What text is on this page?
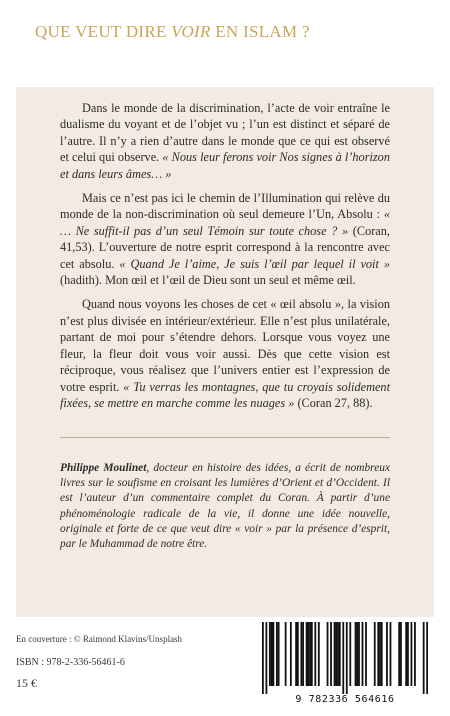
QUE VEUT DIRE VOIR EN ISLAM ?

Dans le monde de la discrimination, l’acte de voir entraîne le dualisme du voyant et de l’objet vu ; l’un est distinct et séparé de l’autre. Il n’y a rien d’autre dans le monde que ce qui est observé et celui qui observe. « Nous leur ferons voir Nos signes à l’horizon et dans leurs âmes… »

Mais ce n’est pas ici le chemin de l’Illumination qui relève du monde de la non-discrimination où seul demeure l’Un, Absolu : « … Ne suffit-il pas d’un seul Témoin sur toute chose ? » (Coran, 41,53). L’ouverture de notre esprit correspond à la rencontre avec cet absolu. « Quand Je l’aime, Je suis l’œil par lequel il voit » (hadith). Mon œil et l’œil de Dieu sont un seul et même œil.

Quand nous voyons les choses de cet « œil absolu », la vision n’est plus divisée en intérieur/extérieur. Elle n’est plus unilatérale, partant de moi pour s’étendre dehors. Lorsque vous voyez une fleur, la fleur doit vous voir aussi. Dès que cette vision est réciproque, vous réalisez que l’univers entier est l’expression de votre esprit. « Tu verras les montagnes, que tu croyais solidement fixées, se mettre en marche comme les nuages » (Coran 27, 88).

Philippe Moulinet, docteur en histoire des idées, a écrit de nombreux livres sur le soufisme en croisant les lumières d’Orient et d’Occident. Il est l’auteur d’un commentaire complet du Coran. À partir d’une phénoménologie radicale de la vie, il donne une idée nouvelle, originale et forte de ce que veut dire « voir » par la présence d’esprit, par le Muhammad de notre être.
En couverture : © Raimond Klavins/Unsplash
ISBN : 978-2-336-56461-6
15 €
9 782336 564616
